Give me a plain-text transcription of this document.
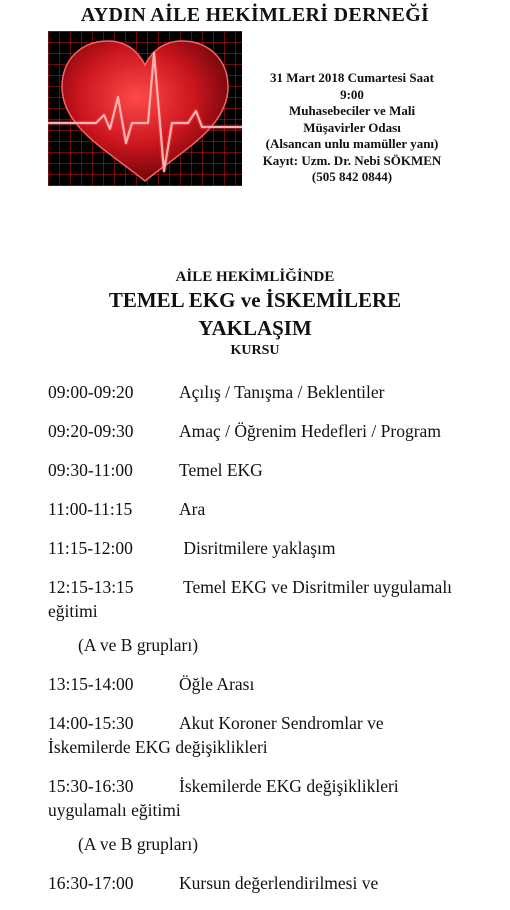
AYDIN AİLE HEKİMLERİ DERNEĞİ
31 Mart 2018 Cumartesi Saat
9:00
Muhasebeciler ve Mali
Müşavirler Odası
(Alsancan unlu mamüller yanı)
Kayıt: Uzm. Dr. Nebi SÖKMEN
(505 842 0844)
AİLE HEKİMLİĞİNDE
TEMEL EKG ve İSKEMİLERE
YAKLAŞIM
KURSU
09:00-09:20	Açılış / Tanışma / Beklentiler
09:20-09:30	Amaç / Öğrenim Hedefleri / Program
09:30-11:00	Temel EKG
11:00-11:15	Ara
11:15-12:00	Disritmilere yaklaşım
12:15-13:15	Temel EKG ve Disritmiler uygulamalı eğitimi
(A ve B grupları)
13:15-14:00	Öğle Arası
14:00-15:30	Akut Koroner Sendromlar ve İskemilerde EKG değişiklikleri
15:30-16:30	İskemilerde EKG değişiklikleri uygulamalı eğitimi
(A ve B grupları)
16:30-17:00	Kursun değerlendirilmesi ve
